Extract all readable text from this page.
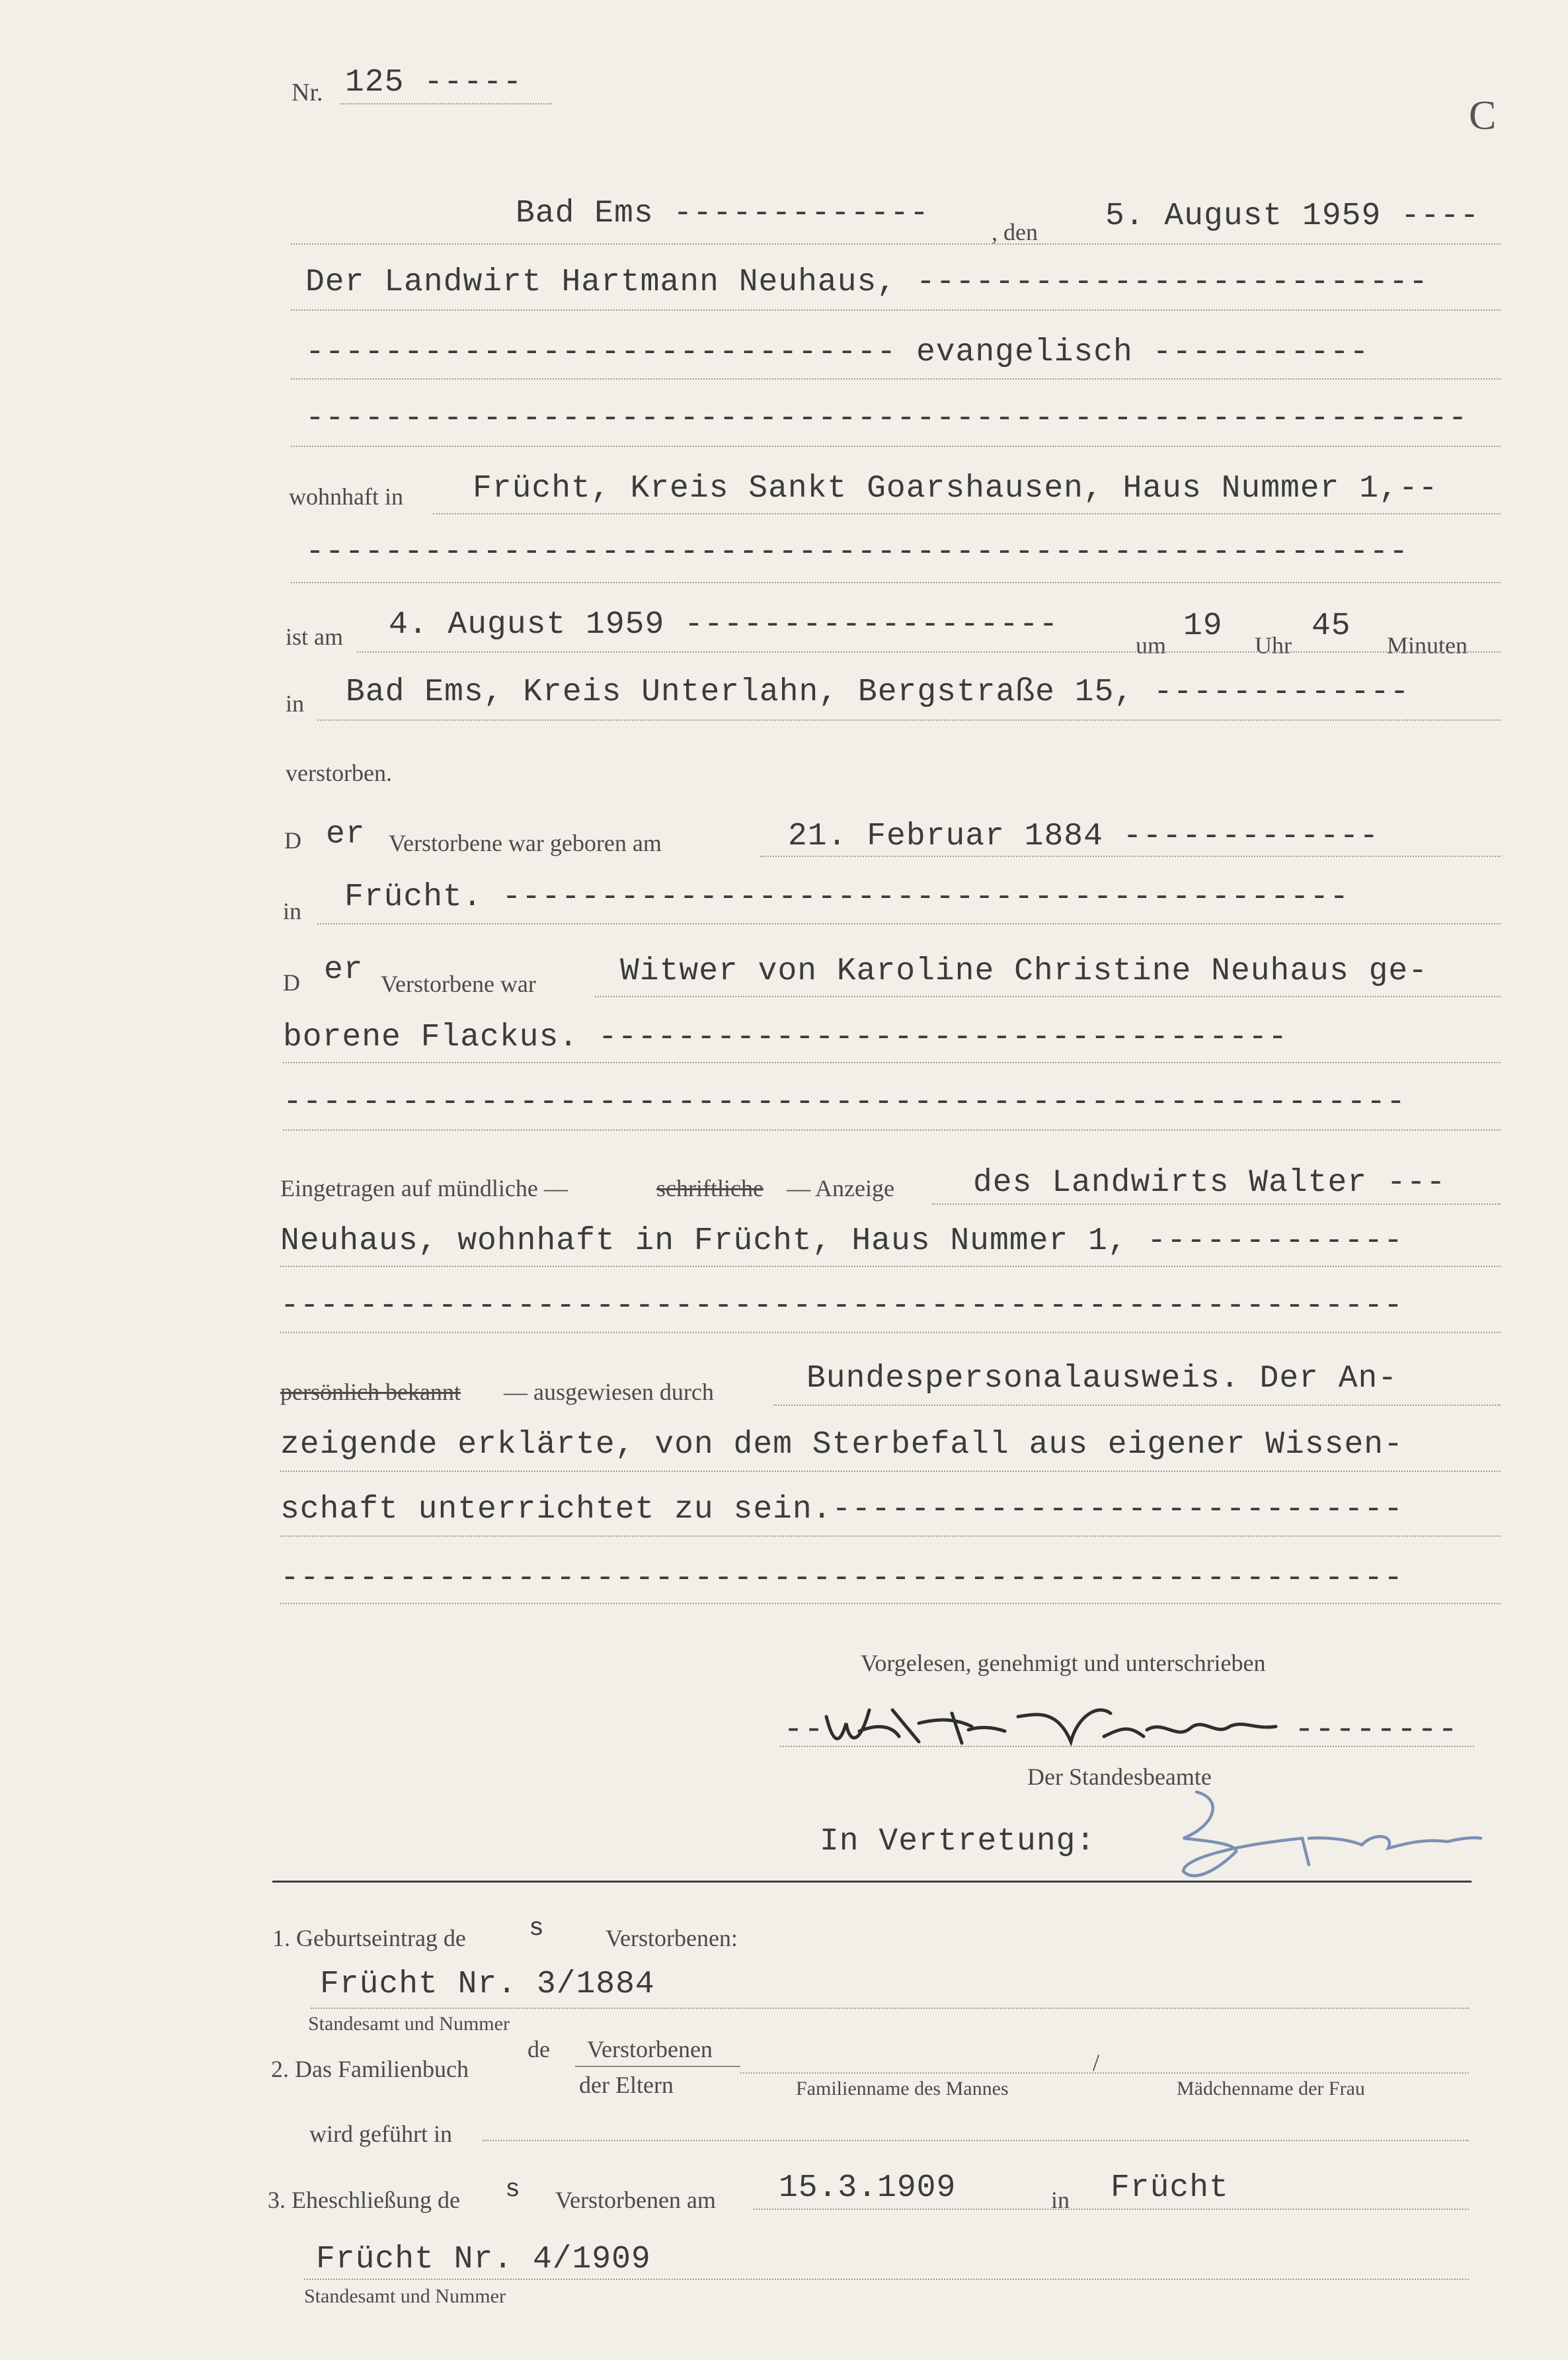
Nr. 125 -----
C
Bad Ems -------------
, den 5. August 1959 ----
Der Landwirt Hartmann Neuhaus, --------------------------
------------------------------ evangelisch -----------
-----------------------------------------------------------
wohnhaft in Frücht, Kreis Sankt Goarshausen, Haus Nummer 1,--
--------------------------------------------------------
ist am 4. August 1959 -------------------
um
19
Uhr
45
Minuten
in Bad Ems, Kreis Unterlahn, Bergstraße 15, -------------
verstorben.
D er Verstorbene war geboren am	21. Februar 1884 -------------
in Frücht. -------------------------------------------
D er Verstorbene war	Witwer von Karoline Christine Neuhaus ge-
borene Flackus. -----------------------------------
---------------------------------------------------------
Eingetragen auf mündliche —	schriftliche — Anzeige des Landwirts Walter ---
Neuhaus, wohnhaft in Frücht, Haus Nummer 1, -------------
---------------------------------------------------------
persönlich bekannt — ausgewiesen durch	Bundespersonalausweis. Der An-
zeigende erklärte, von dem Sterbefall aus eigener Wissen-
schaft unterrichtet zu sein.-----------------------------
---------------------------------------------------------
Vorgelesen, genehmigt und unterschrieben
--	--------
Der Standesbeamte
In Vertretung:
1. Geburtseintrag de	s	Verstorbenen:
Frücht Nr. 3/1884
Standesamt und Nummer
2. Das Familienbuch
de Verstorbenen
der Eltern	Familienname des Mannes
/
Mädchenname der Frau
wird geführt in
3. Eheschließung de s Verstorbenen am 15.3.1909	in Frücht
Frücht Nr. 4/1909
Standesamt und Nummer
